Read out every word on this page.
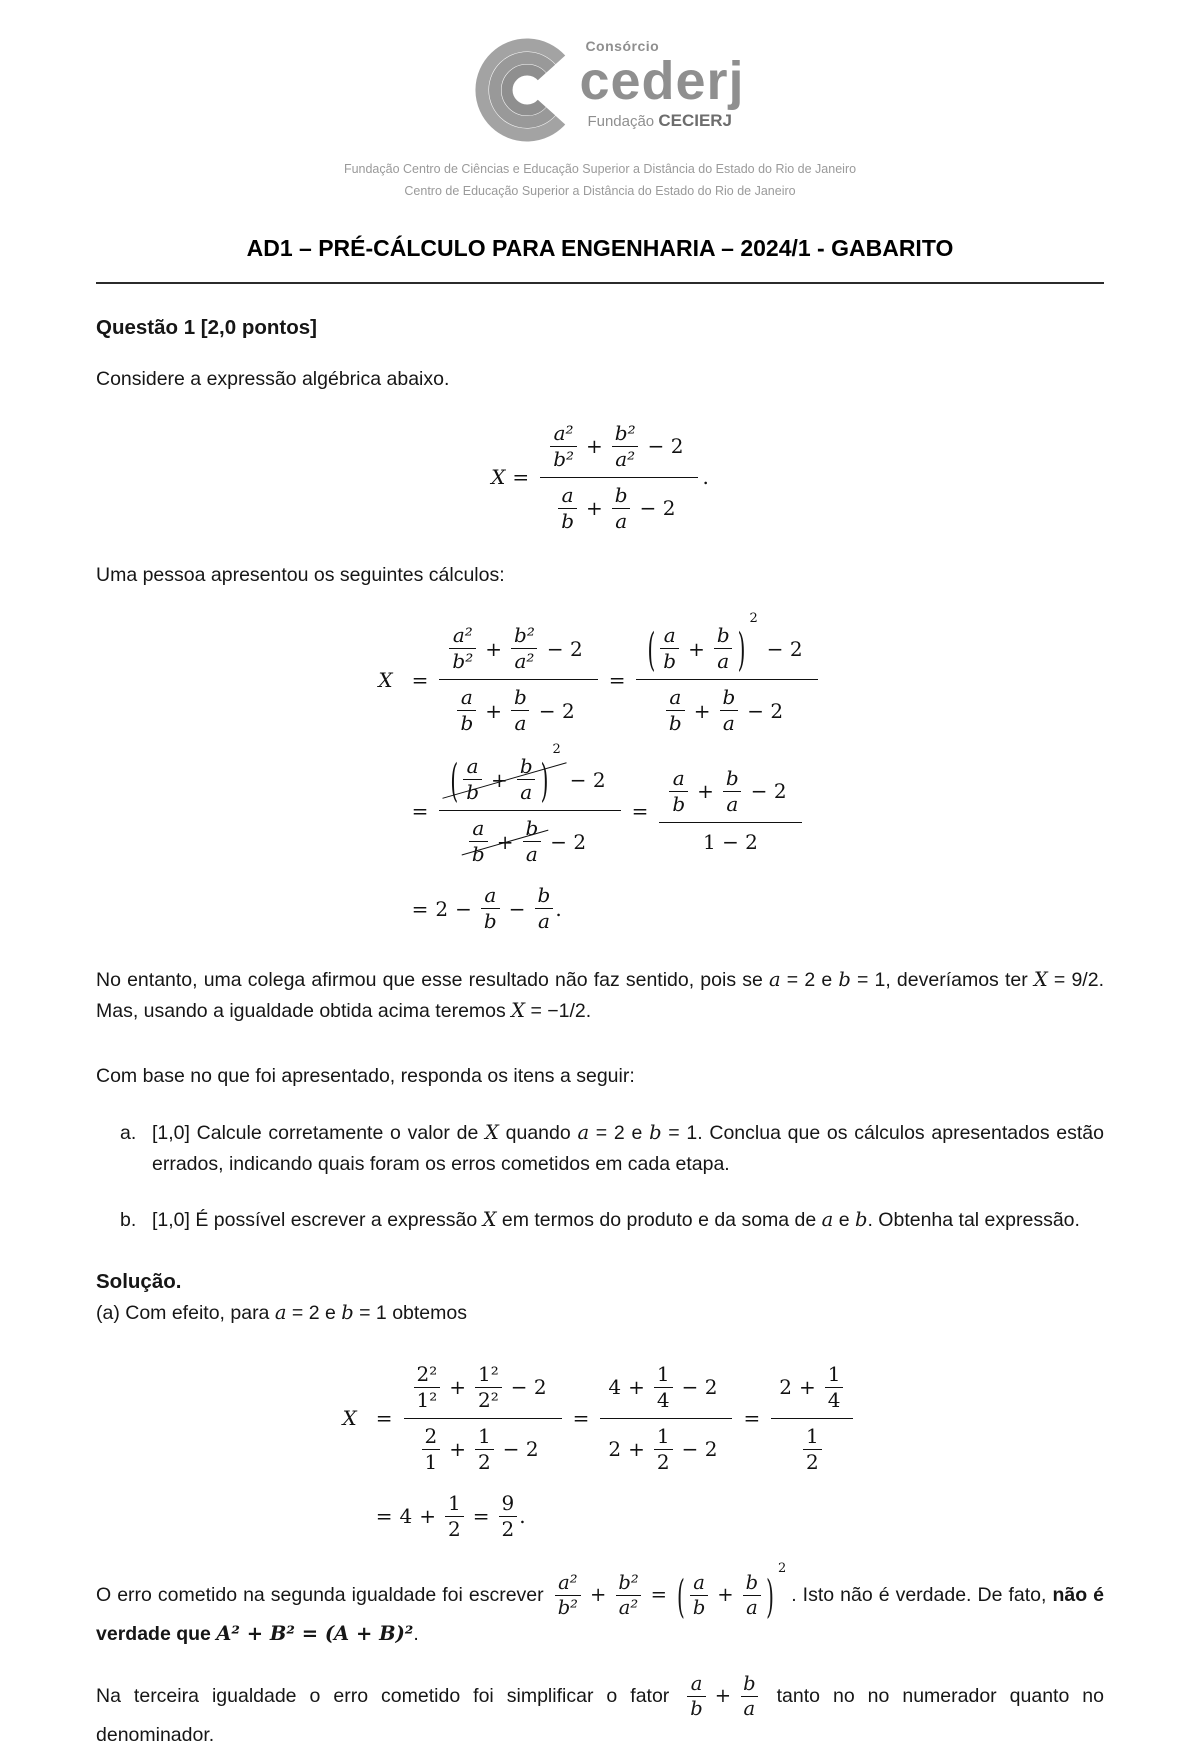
Consórcio
cederj
Fundação CECIERJ
Fundação Centro de Ciências e Educação Superior a Distância do Estado do Rio de Janeiro
Centro de Educação Superior a Distância do Estado do Rio de Janeiro
AD1 – PRÉ-CÁLCULO PARA ENGENHARIA – 2024/1 - GABARITO
Questão 1 [2,0 pontos]

Considere a expressão algébrica abaixo.

X = a²
b²
+ $\frac{\text{b²}}{\text{a²}} - 2$
a
b
+ $\frac{b}{a} - 2$ .

Uma pessoa apresentou os seguintes cálculos:

X = a²
b²
+ $\frac{\text{b²}}{\text{a²}} - 2$
a
b
+ $\frac{b}{a} - 2$ =
( a
b
+ $\frac{b}{a}$ )
$^2$
− 2
a
b
+ $\frac{b}{a} - 2$
=
( a
b
+ $\frac{b}{a}$ )
$^2$
− 2
a
b
+ $\frac{b}{a} - 2$
= a
b
+ $\frac{b}{a} - 2$
1 − 2
= $2 - \frac{a}{b} - \frac{b}{a}$ .

No entanto, uma colega afirmou que esse resultado não faz sentido, pois se a = 2 e b = 1, deveríamos ter X = 9/2. Mas, usando a igualdade obtida acima teremos X = −1/2.

Com base no que foi apresentado, responda os itens a seguir:

a. [1,0] Calcule corretamente o valor de X quando a = 2 e b = 1. Conclua que os cálculos apresentados estão errados, indicando quais foram os erros cometidos em cada etapa.
b. [1,0] É possível escrever a expressão X em termos do produto e da soma de a e b. Obtenha tal expressão.
Solução.

(a) Com efeito, para a = 2 e b = 1 obtemos

X = 2²
1²
+ $\frac{\text{1²}}{\text{2²}} - 2$
2
1
+ $\frac{1}{2} - 2 = \frac{4 + \frac{1}{4} - 2}{2 + \frac{1}{2} - 2} = 2 + \frac{1}{4}$
1
2
= $4 + \frac{1}{2} = \frac{9}{2}$ .

O erro cometido na segunda igualdade foi escrever
a²
b²
+ $\frac{\text{b²}}{\text{a²}}$ = ( a
b
+ $\frac{b}{a}$ )
$^2$
. Isto não é verdade. De fato, não é verdade que A² + B² = (A + B)².

Na terceira igualdade o erro cometido foi simplificar o fator
a
b
+ $\frac{b}{a}$ tanto no no numerador quanto no denominador.
